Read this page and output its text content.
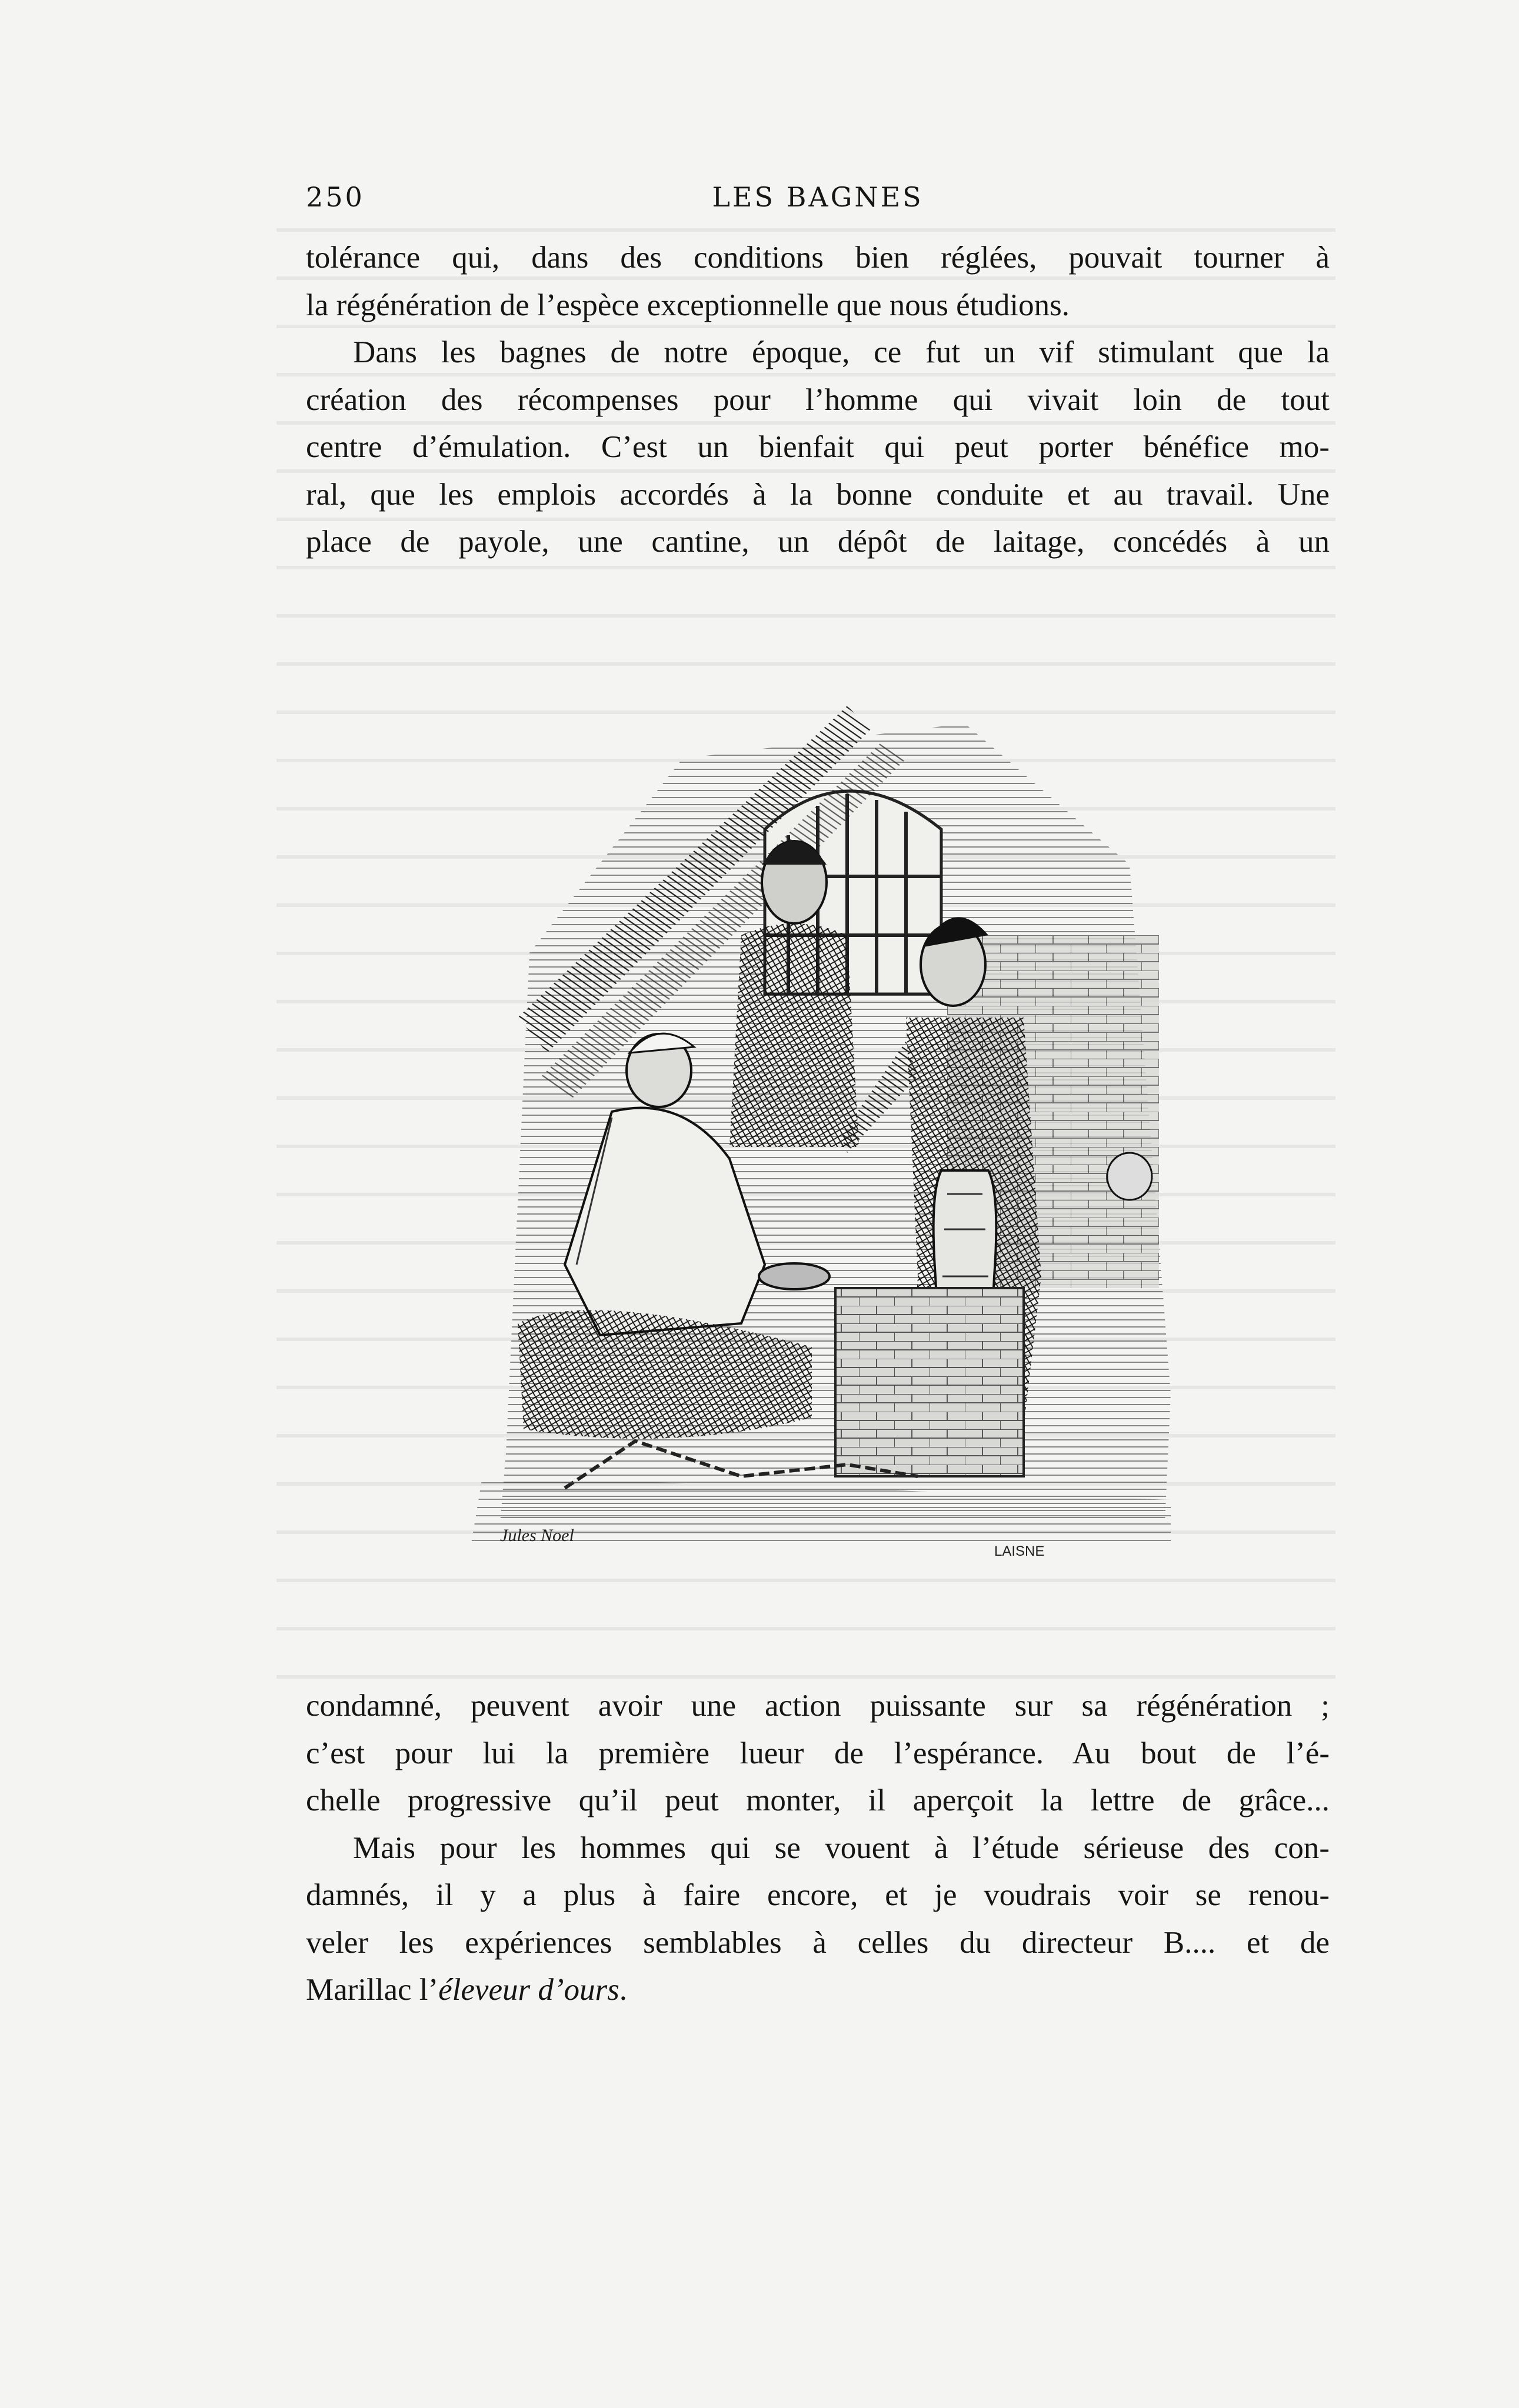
250	LES BAGNES

tolérance qui, dans des conditions bien réglées, pouvait tourner à
la régénération de l’espèce exceptionnelle que nous étudions.

Dans les bagnes de notre époque, ce fut un vif stimulant que la
création des récompenses pour l’homme qui vivait loin de tout
centre d’émulation. C’est un bienfait qui peut porter bénéfice mo-
ral, que les emplois accordés à la bonne conduite et au travail. Une
place de payole, une cantine, un dépôt de laitage, concédés à un

Jules Noel
LAISNE

condamné, peuvent avoir une action puissante sur sa régénération ;
c’est pour lui la première lueur de l’espérance. Au bout de l’é-
chelle progressive qu’il peut monter, il aperçoit la lettre de grâce...

Mais pour les hommes qui se vouent à l’étude sérieuse des con-
damnés, il y a plus à faire encore, et je voudrais voir se renou-
veler les expériences semblables à celles du directeur B.... et de
Marillac l’éleveur d’ours.
